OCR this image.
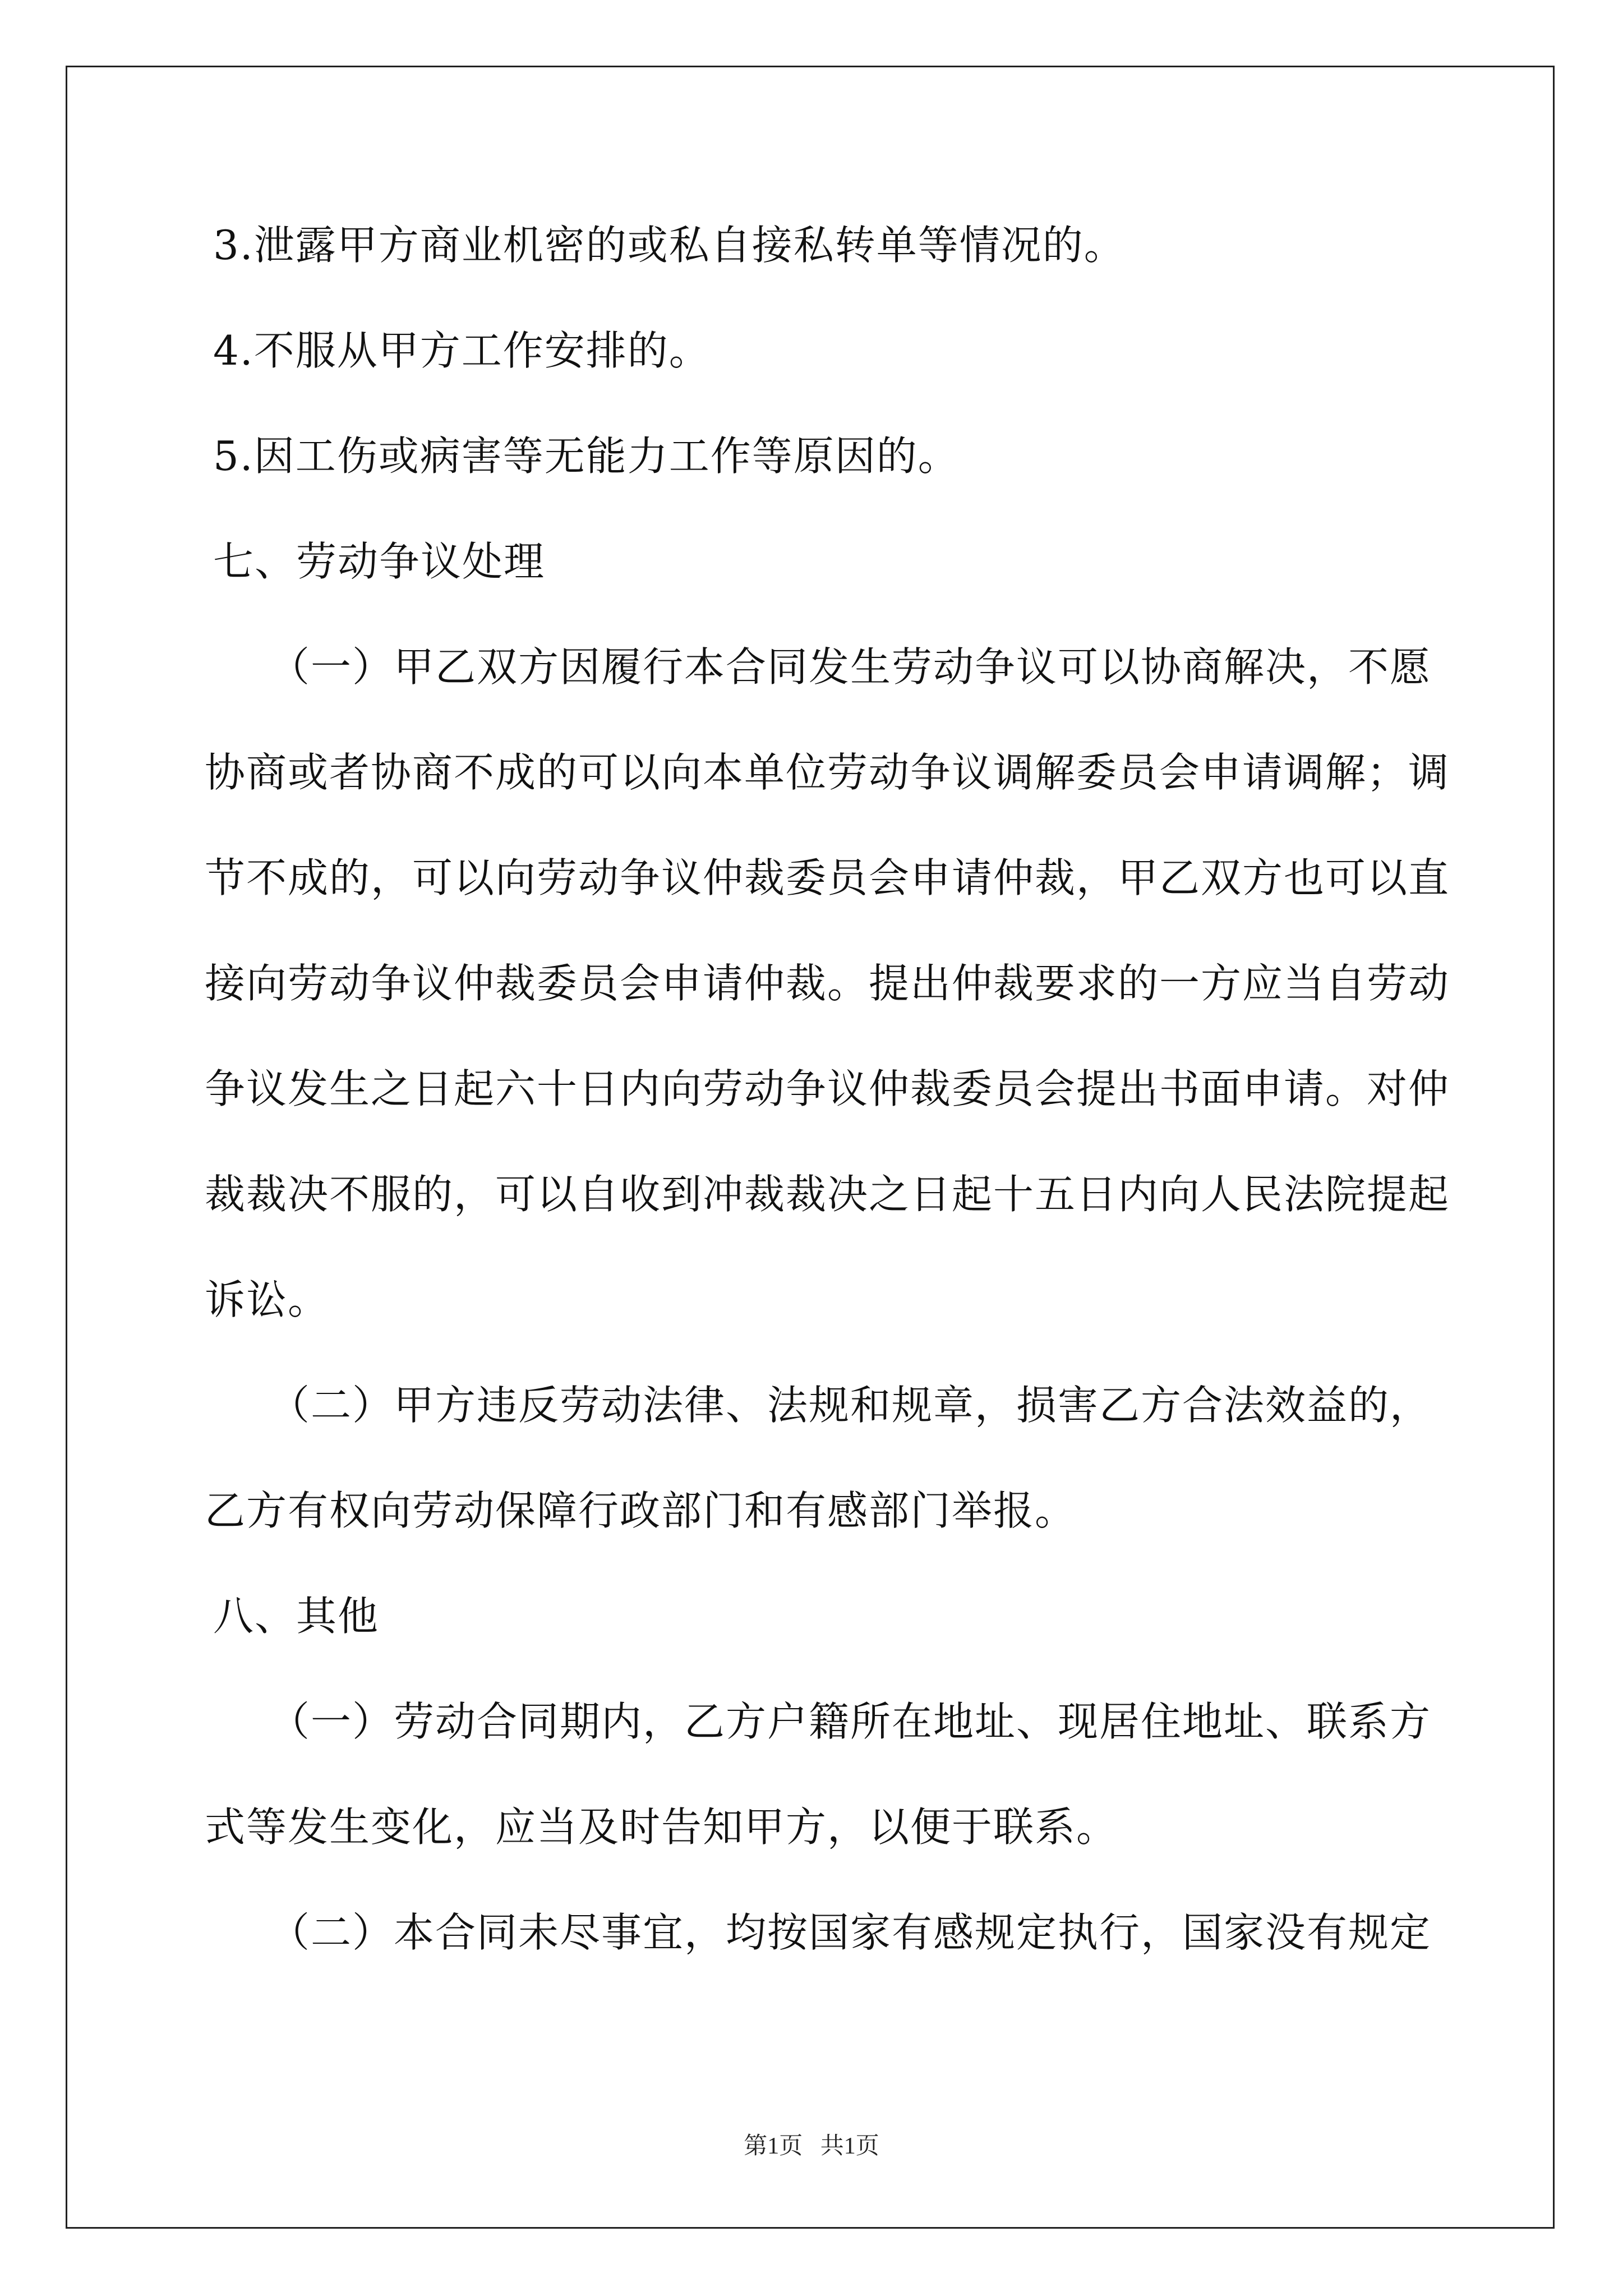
3.泄露甲方商业机密的或私自接私转单等情况的。
4.不服从甲方工作安排的。
5.因工伤或病害等无能力工作等原因的。
七、劳动争议处理
（一）甲乙双方因履行本合同发生劳动争议可以协商解决，不愿
协商或者协商不成的可以向本单位劳动争议调解委员会申请调解；调
节不成的，可以向劳动争议仲裁委员会申请仲裁，甲乙双方也可以直
接向劳动争议仲裁委员会申请仲裁。提出仲裁要求的一方应当自劳动
争议发生之日起六十日内向劳动争议仲裁委员会提出书面申请。对仲
裁裁决不服的，可以自收到冲裁裁决之日起十五日内向人民法院提起
诉讼。
（二）甲方违反劳动法律、法规和规章，损害乙方合法效益的，
乙方有权向劳动保障行政部门和有感部门举报。
八、其他
（一）劳动合同期内，乙方户籍所在地址、现居住地址、联系方
式等发生变化，应当及时告知甲方，以便于联系。
（二）本合同未尽事宜，均按国家有感规定执行，国家没有规定
第1页   共1页
